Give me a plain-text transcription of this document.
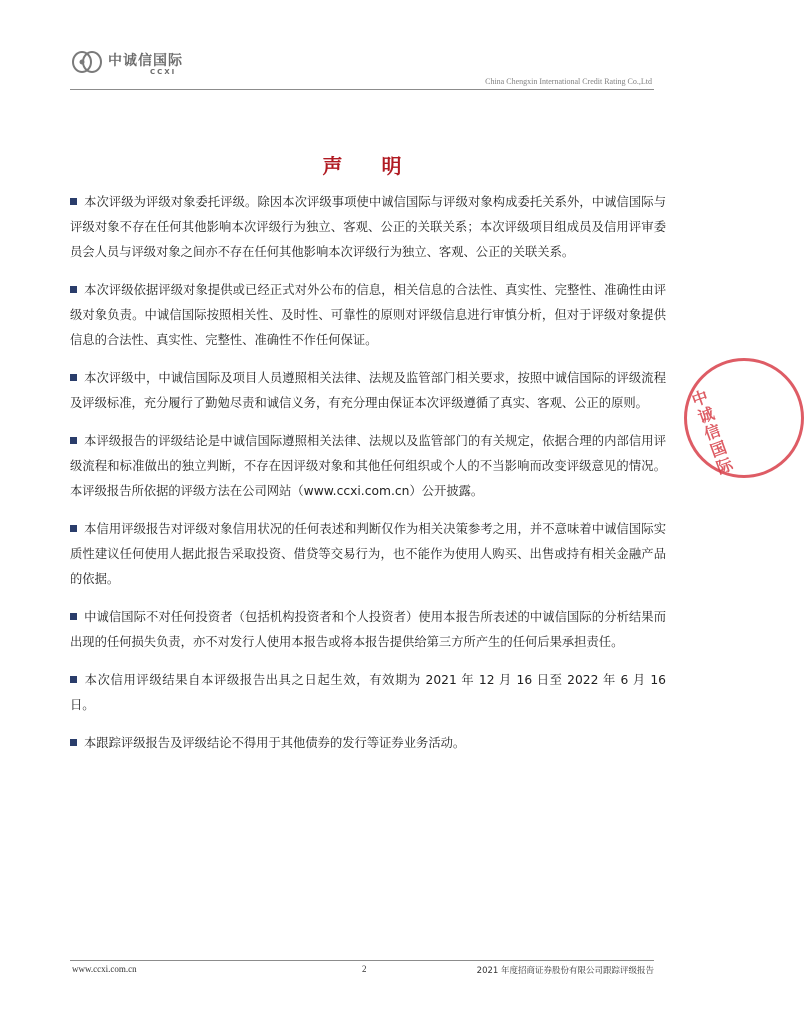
中诚信国际
CCXI
China Chengxin International Credit Rating Co.,Ltd
声 明

本次评级为评级对象委托评级。除因本次评级事项使中诚信国际与评级对象构成委托关系外，中诚信国际与评级对象不存在任何其他影响本次评级行为独立、客观、公正的关联关系；本次评级项目组成员及信用评审委员会人员与评级对象之间亦不存在任何其他影响本次评级行为独立、客观、公正的关联关系。

本次评级依据评级对象提供或已经正式对外公布的信息，相关信息的合法性、真实性、完整性、准确性由评级对象负责。中诚信国际按照相关性、及时性、可靠性的原则对评级信息进行审慎分析，但对于评级对象提供信息的合法性、真实性、完整性、准确性不作任何保证。

本次评级中，中诚信国际及项目人员遵照相关法律、法规及监管部门相关要求，按照中诚信国际的评级流程及评级标准，充分履行了勤勉尽责和诚信义务，有充分理由保证本次评级遵循了真实、客观、公正的原则。

本评级报告的评级结论是中诚信国际遵照相关法律、法规以及监管部门的有关规定，依据合理的内部信用评级流程和标准做出的独立判断，不存在因评级对象和其他任何组织或个人的不当影响而改变评级意见的情况。本评级报告所依据的评级方法在公司网站（www.ccxi.com.cn）公开披露。

本信用评级报告对评级对象信用状况的任何表述和判断仅作为相关决策参考之用，并不意味着中诚信国际实质性建议任何使用人据此报告采取投资、借贷等交易行为，也不能作为使用人购买、出售或持有相关金融产品的依据。

中诚信国际不对任何投资者（包括机构投资者和个人投资者）使用本报告所表述的中诚信国际的分析结果而出现的任何损失负责，亦不对发行人使用本报告或将本报告提供给第三方所产生的任何后果承担责任。

本次信用评级结果自本评级报告出具之日起生效，有效期为 2021 年 12 月 16 日至 2022 年 6 月 16 日。

本跟踪评级报告及评级结论不得用于其他债券的发行等证券业务活动。

中诚信国际
www.ccxi.com.cn	2	2021 年度招商证券股份有限公司跟踪评级报告
